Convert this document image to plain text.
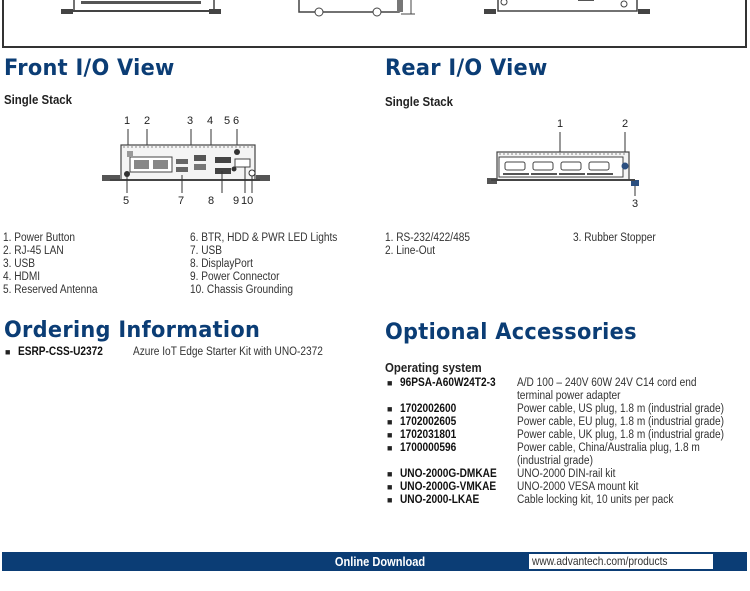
Front I/O View
Single Stack
1 2	3 4 5 6
5	7 8 9 10
1. Power Button
2. RJ-45 LAN
3. USB
4. HDMI
5. Reserved Antenna
6. BTR, HDD & PWR LED Lights
7. USB
8. DisplayPort
9. Power Connector
10. Chassis Grounding
Rear I/O View
Single Stack
1	2
3
1. RS-232/422/485
2. Line-Out
3. Rubber Stopper
Ordering Information
■ ESRP-CSS-U2372	Azure IoT Edge Starter Kit with UNO-2372
Optional Accessories
Operating system
■ 96PSA-A60W24T2-3	A/D 100 – 240V 60W 24V C14 cord end terminal power adapter
■ 1702002600	Power cable, US plug, 1.8 m (industrial grade)
■ 1702002605	Power cable, EU plug, 1.8 m (industrial grade)
■ 1702031801	Power cable, UK plug, 1.8 m (industrial grade)
■ 1700000596	Power cable, China/Australia plug, 1.8 m (industrial grade)
■ UNO-2000G-DMKAE	UNO-2000 DIN-rail kit
■ UNO-2000G-VMKAE	UNO-2000 VESA mount kit
■ UNO-2000-LKAE	Cable locking kit, 10 units per pack
Online Download	www.advantech.com/products
